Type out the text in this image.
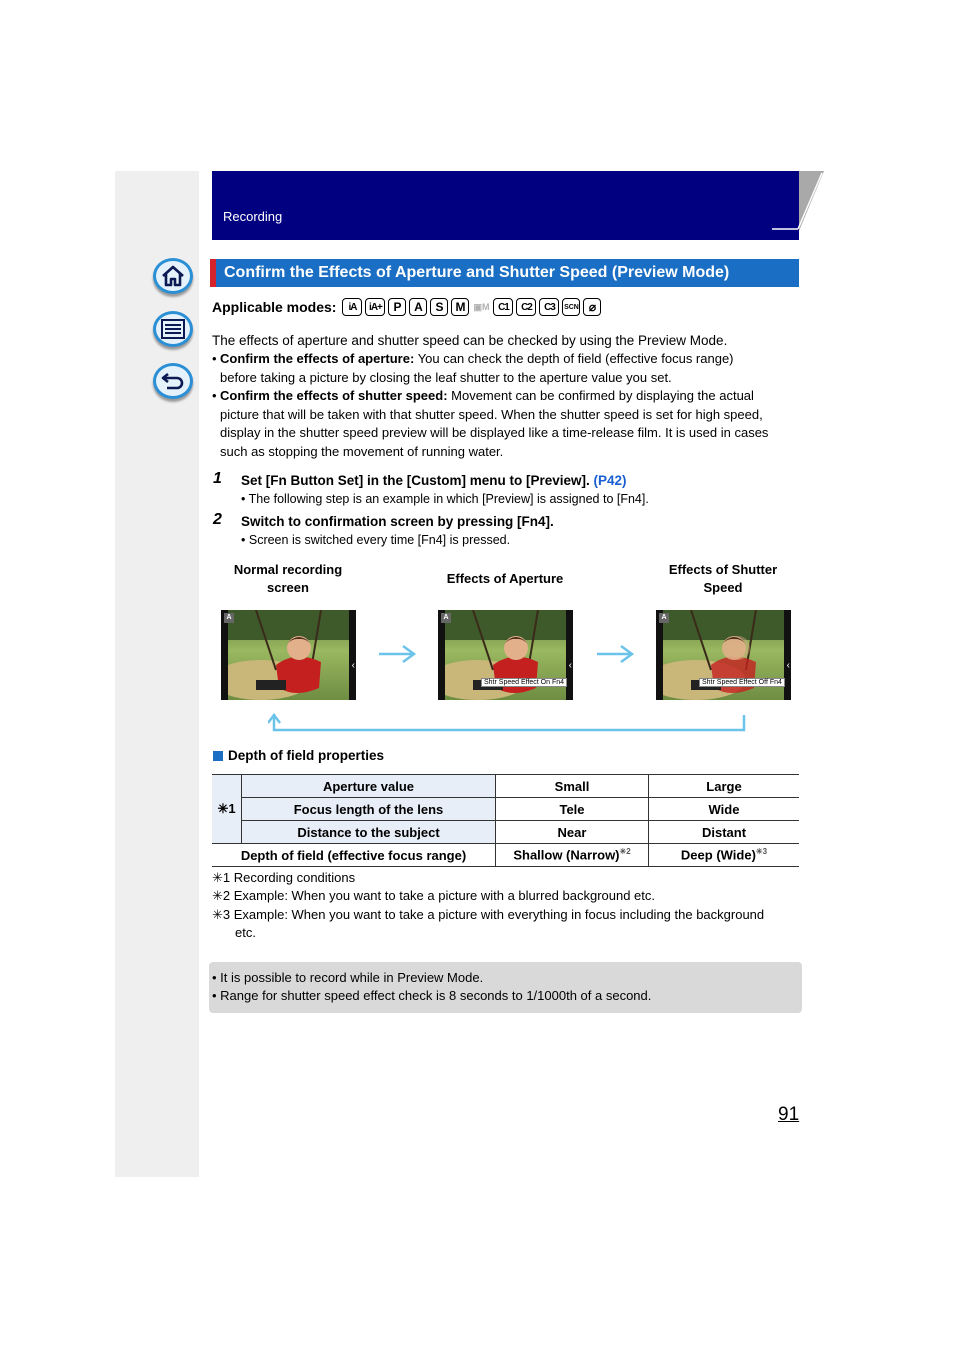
Recording
Confirm the Effects of Aperture and Shutter Speed (Preview Mode)
Applicable modes:	iA	iA+ P	A	S	M ▣M C1	C2	C3	SCN ⌀
The effects of aperture and shutter speed can be checked by using the Preview Mode.
• Confirm the effects of aperture: You can check the depth of field (effective focus range)
before taking a picture by closing the leaf shutter to the aperture value you set.
• Confirm the effects of shutter speed: Movement can be confirmed by displaying the actual
picture that will be taken with that shutter speed. When the shutter speed is set for high speed,
display in the shutter speed preview will be displayed like a time-release film. It is used in cases
such as stopping the movement of running water.
1 Set [Fn Button Set] in the [Custom] menu to [Preview]. (P42)
• The following step is an example in which [Preview] is assigned to [Fn4].
2 Switch to confirmation screen by pressing [Fn4].
• Screen is switched every time [Fn4] is pressed.
Normal recording
screen
Effects of Aperture
Effects of Shutter
Speed
A
‹
A
‹
Shtr Speed Effect On Fn4
A
‹
Shtr Speed Effect Off Fn4
Depth of field properties
✳1	Aperture value	Small	Large
	Focus length of the lens	Tele	Wide
	Distance to the subject	Near	Distant
Depth of field (effective focus range)		Shallow (Narrow)$^{✳2}$	Deep (Wide)$^{✳3}$
✳1 Recording conditions
✳2 Example: When you want to take a picture with a blurred background etc.
✳3 Example: When you want to take a picture with everything in focus including the background
etc.
• It is possible to record while in Preview Mode.
• Range for shutter speed effect check is 8 seconds to 1/1000th of a second.
91
